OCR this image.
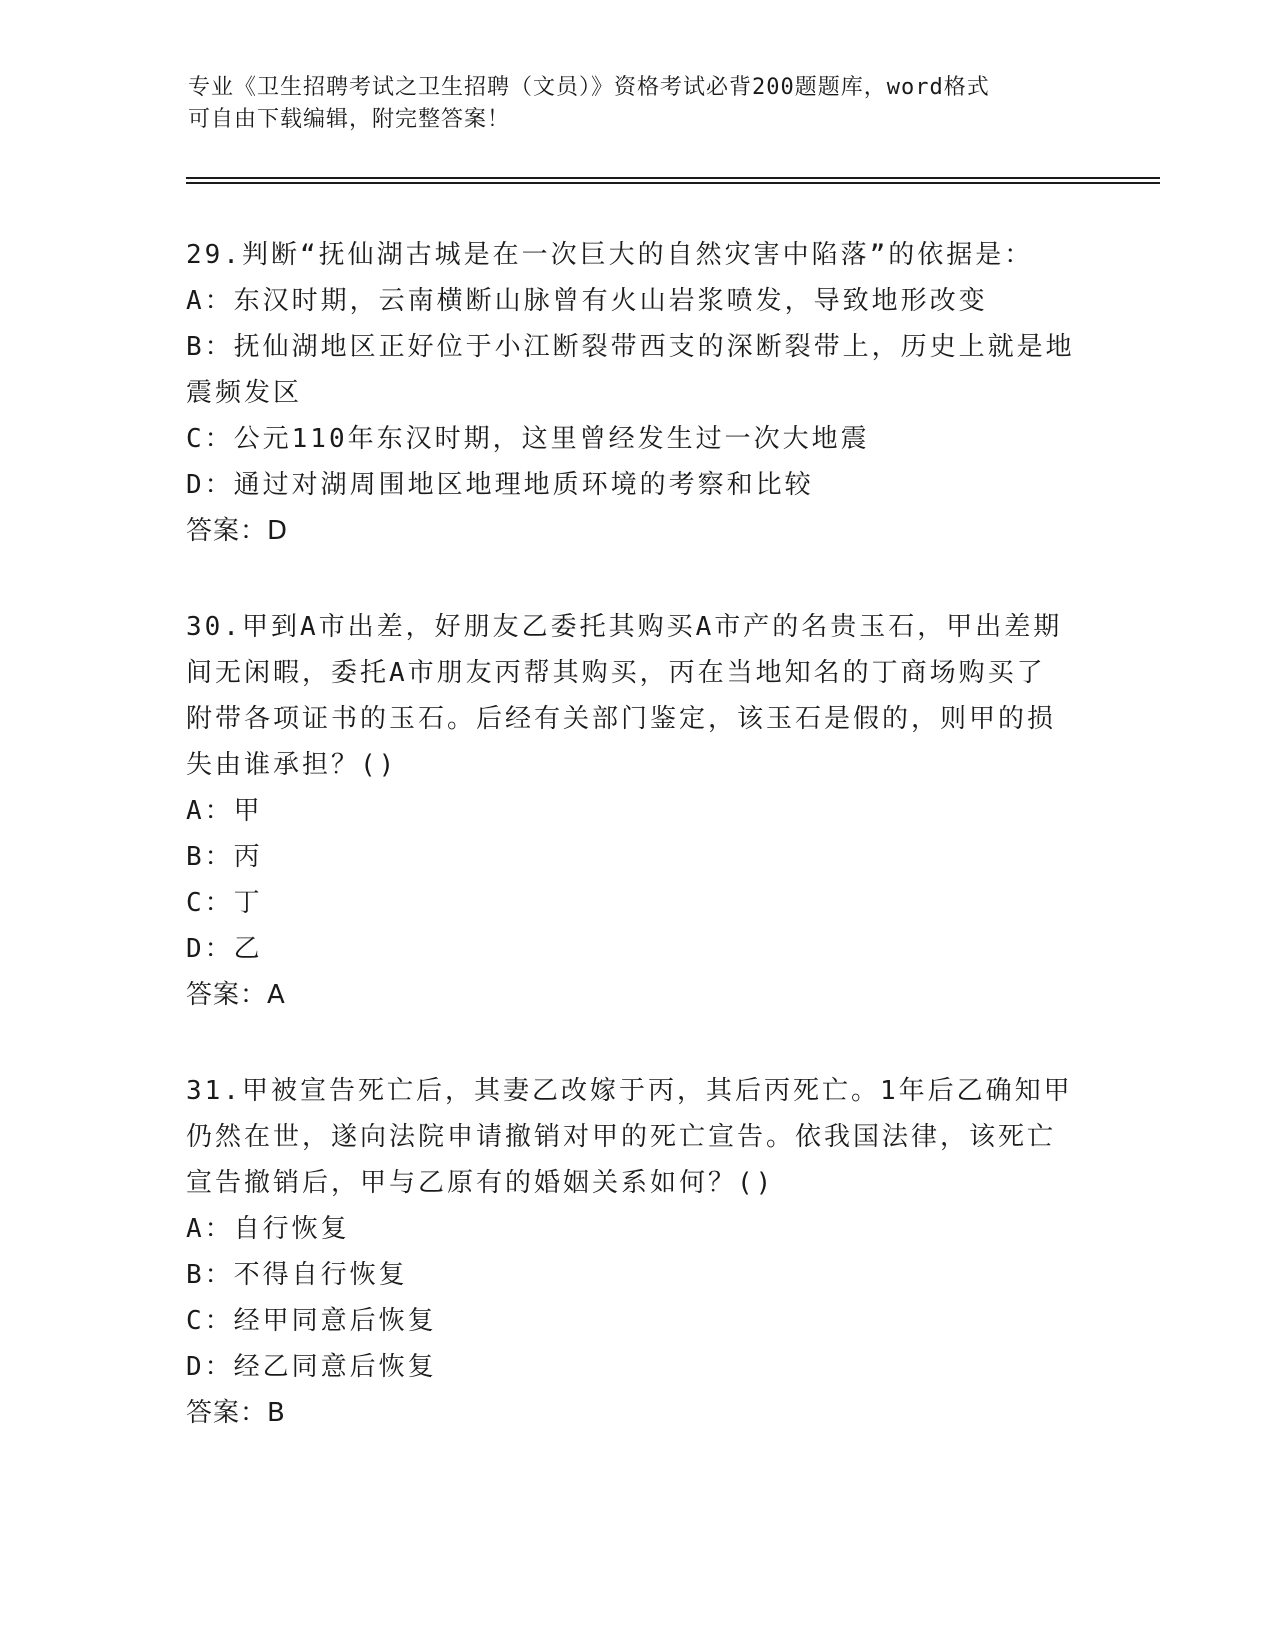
专业《卫生招聘考试之卫生招聘（文员）》资格考试必背200题题库，word格式
可自由下载编辑，附完整答案！
29.判断“抚仙湖古城是在一次巨大的自然灾害中陷落”的依据是：
A：东汉时期，云南横断山脉曾有火山岩浆喷发，导致地形改变
B：抚仙湖地区正好位于小江断裂带西支的深断裂带上，历史上就是地
震频发区
C：公元110年东汉时期，这里曾经发生过一次大地震
D：通过对湖周围地区地理地质环境的考察和比较
答案：D
30.甲到A市出差，好朋友乙委托其购买A市产的名贵玉石，甲出差期
间无闲暇，委托A市朋友丙帮其购买，丙在当地知名的丁商场购买了
附带各项证书的玉石。后经有关部门鉴定，该玉石是假的，则甲的损
失由谁承担？()
A：甲
B：丙
C：丁
D：乙
答案：A
31.甲被宣告死亡后，其妻乙改嫁于丙，其后丙死亡。1年后乙确知甲
仍然在世，遂向法院申请撤销对甲的死亡宣告。依我国法律，该死亡
宣告撤销后，甲与乙原有的婚姻关系如何？()
A：自行恢复
B：不得自行恢复
C：经甲同意后恢复
D：经乙同意后恢复
答案：B
